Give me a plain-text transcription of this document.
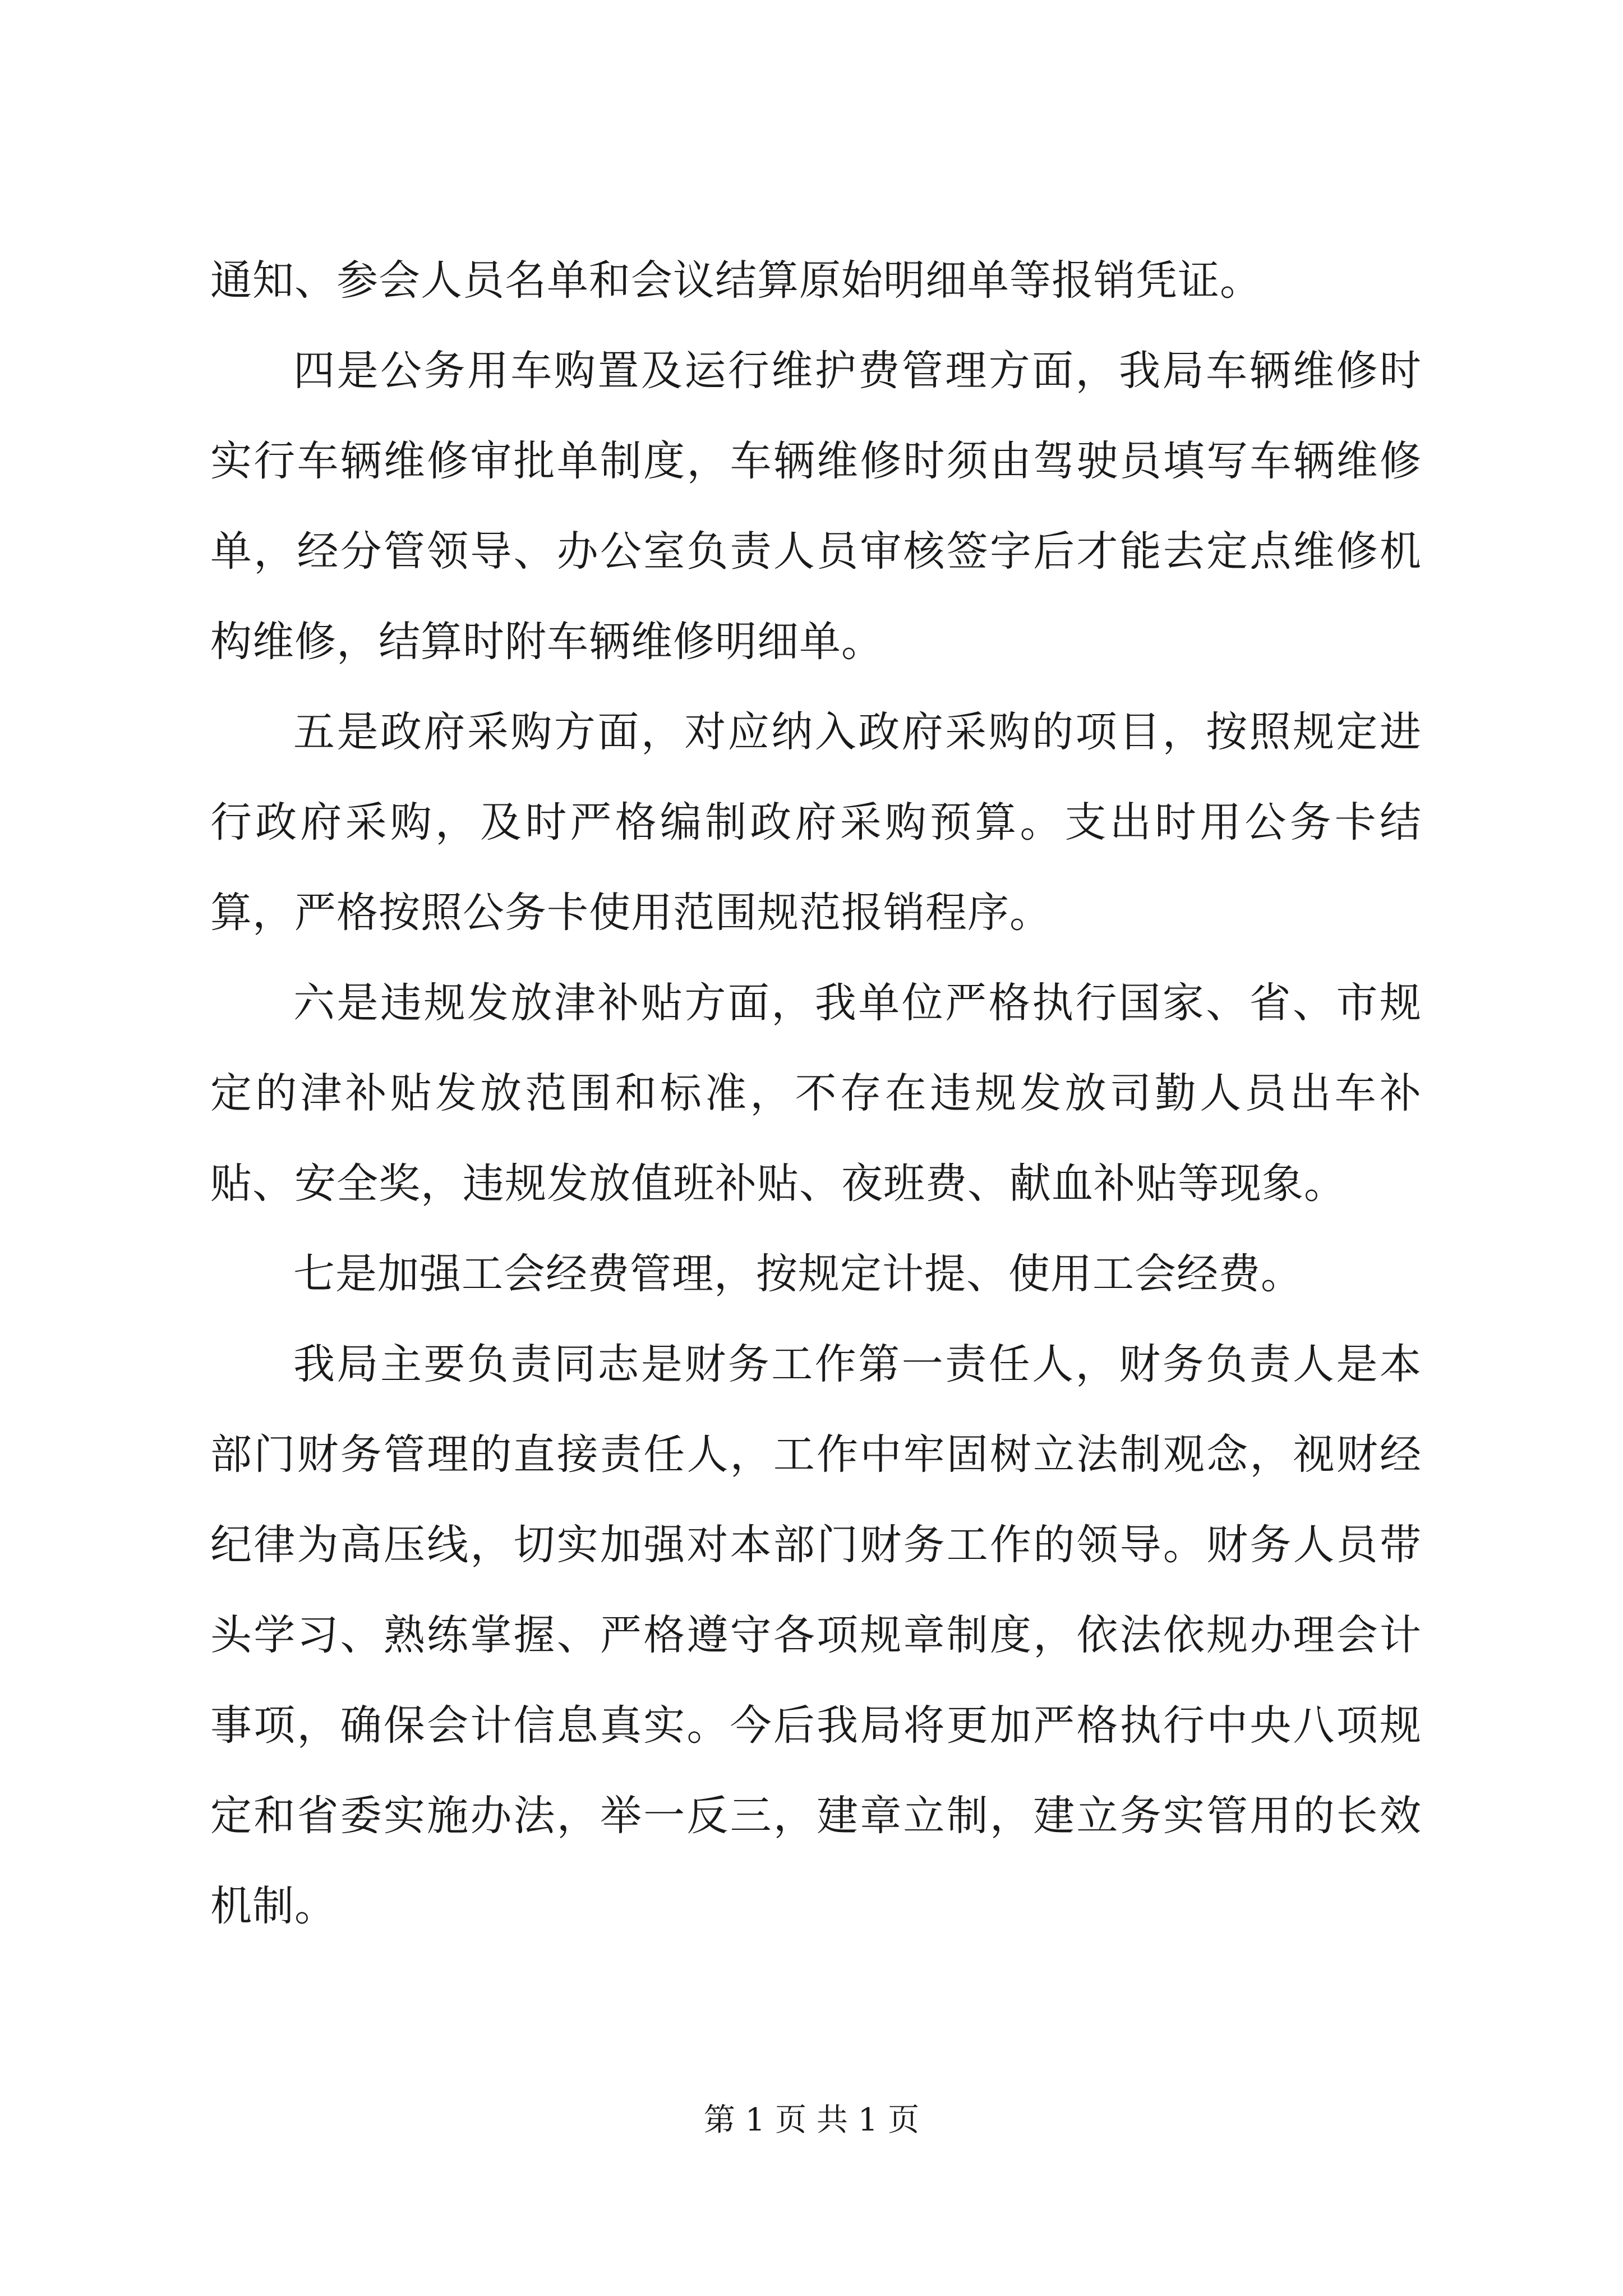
通知、参会人员名单和会议结算原始明细单等报销凭证。

四是公务用车购置及运行维护费管理方面，我局车辆维修时实行车辆维修审批单制度，车辆维修时须由驾驶员填写车辆维修单，经分管领导、办公室负责人员审核签字后才能去定点维修机构维修，结算时附车辆维修明细单。

五是政府采购方面，对应纳入政府采购的项目，按照规定进行政府采购，及时严格编制政府采购预算。支出时用公务卡结算，严格按照公务卡使用范围规范报销程序。

六是违规发放津补贴方面，我单位严格执行国家、省、市规定的津补贴发放范围和标准，不存在违规发放司勤人员出车补贴、安全奖，违规发放值班补贴、夜班费、献血补贴等现象。

七是加强工会经费管理，按规定计提、使用工会经费。

我局主要负责同志是财务工作第一责任人，财务负责人是本部门财务管理的直接责任人，工作中牢固树立法制观念，视财经纪律为高压线，切实加强对本部门财务工作的领导。财务人员带头学习、熟练掌握、严格遵守各项规章制度，依法依规办理会计事项，确保会计信息真实。今后我局将更加严格执行中央八项规定和省委实施办法，举一反三，建章立制，建立务实管用的长效机制。

第 1 页 共 1 页
